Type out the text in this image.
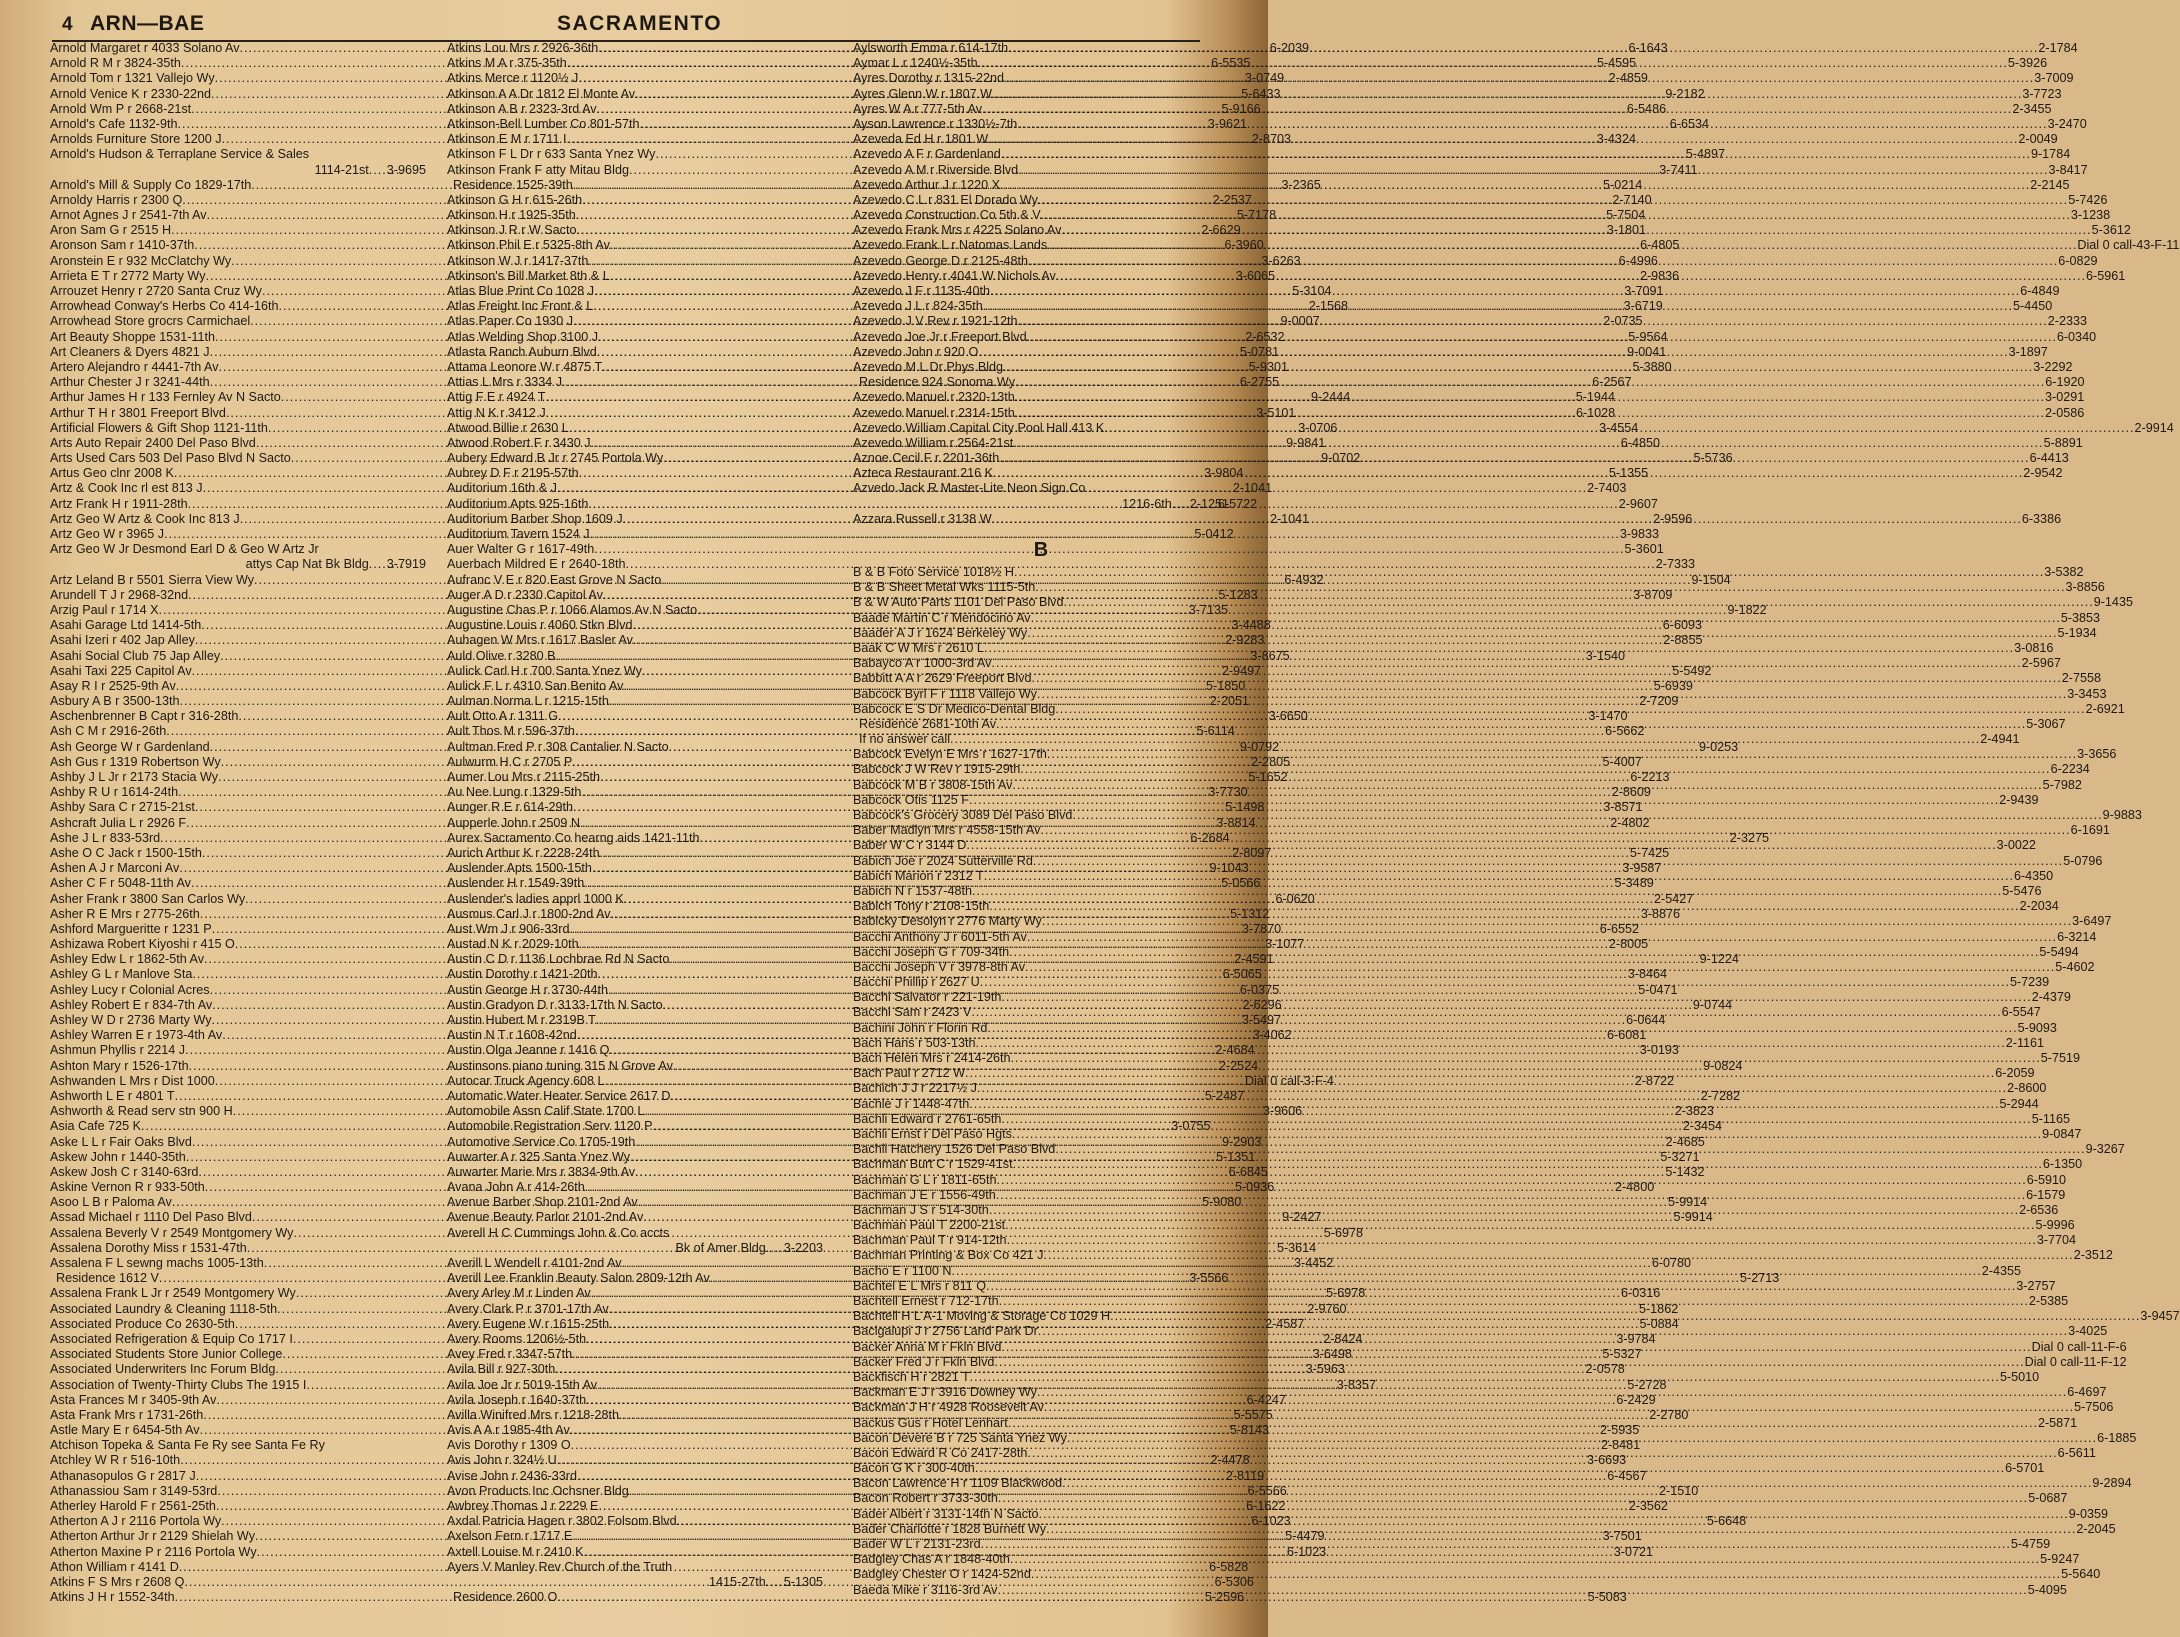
4 ARN—BAE	SACRAMENTO
Arnold Margaret r 4033 Solano Av .....	6-2039
Arnold R M r 3824-35th .....	6-5535
Arnold Tom r 1321 Vallejo Wy .....	3-0749
Arnold Venice K r 2330-22nd .....	5-6433
Arnold Wm P r 2668-21st .....	5-9166
Arnold's Cafe 1132-9th .....	3-9621
Arnolds Furniture Store 1200 J .....	2-8703
Arnold's Hudson & Terraplane Service & Sales
1114-21st ........ 3-9695
Arnold's Mill & Supply Co 1829-17th .....	3-2365
Arnoldy Harris r 2300 Q .....	2-2537
Arnot Agnes J r 2541-7th Av .....	5-7178
Aron Sam G r 2515 H .....	2-6629
Aronson Sam r 1410-37th .....	6-3960
Aronstein E r 932 McClatchy Wy .....	3-6263
Arrieta E T r 2772 Marty Wy .....	3-6065
Arrouzet Henry r 2720 Santa Cruz Wy .....	5-3104
Arrowhead Conway's Herbs Co 414-16th .....	2-1568
Arrowhead Store grocrs Carmichael .....	9-0007
Art Beauty Shoppe 1531-11th .....	2-6532
Art Cleaners & Dyers 4821 J .....	5-0781
Artero Alejandro r 4441-7th Av .....	5-9301
Arthur Chester J r 3241-44th .....	6-2755
Arthur James H r 133 Fernley Av N Sacto .....	9-2444
Arthur T H r 3801 Freeport Blvd .....	3-5101
Artificial Flowers & Gift Shop 1121-11th .....	3-0706
Arts Auto Repair 2400 Del Paso Blvd .....	9-9841
Arts Used Cars 503 Del Paso Blvd N Sacto .....	9-0702
Artus Geo clnr 2008 K .....	3-9804
Artz & Cook Inc rl est 813 J .....	2-1041
Artz Frank H r 1911-28th .....	6-5722
Artz Geo W Artz & Cook Inc 813 J .....	2-1041
Artz Geo W r 3965 J .....	5-0412
Artz Geo W Jr Desmond Earl D & Geo W Artz Jr
attys Cap Nat Bk Bldg ........ 3-7919
Artz Leland B r 5501 Sierra View Wy .....	6-4932
Arundell T J r 2968-32nd .....	5-1283
Arzig Paul r 1714 X .....	3-7135
Asahi Garage Ltd 1414-5th .....	3-4488
Asahi Izeri r 402 Jap Alley .....	2-9283
Asahi Social Club 75 Jap Alley .....	3-8675
Asahi Taxi 225 Capitol Av .....	2-9497
Asay R I r 2525-9th Av .....	5-1850
Asbury A B r 3500-13th .....	2-2051
Aschenbrenner B Capt r 316-28th .....	3-6650
Ash C M r 2916-26th .....	5-6114
Ash George W r Gardenland .....	9-0792
Ash Gus r 1319 Robertson Wy .....	2-2805
Ashby J L Jr r 2173 Stacia Wy .....	5-1652
Ashby R U r 1614-24th .....	3-7730
Ashby Sara C r 2715-21st .....	5-1498
Ashcraft Julia L r 2926 F .....	3-8814
Ashe J L r 833-53rd .....	6-2684
Ashe O C Jack r 1500-15th .....	2-8097
Ashen A J r Marconi Av .....	9-1043
Asher C F r 5048-11th Av .....	5-0566
Asher Frank r 3800 San Carlos Wy .....	6-0620
Asher R E Mrs r 2775-26th .....	5-1312
Ashford Margueritte r 1231 P .....	3-7870
Ashizawa Robert Kiyoshi r 415 O .....	3-1077
Ashley Edw L r 1862-5th Av .....	2-4591
Ashley G L r Manlove Sta .....	6-5065
Ashley Lucy r Colonial Acres .....	6-0375
Ashley Robert E r 834-7th Av .....	2-6296
Ashley W D r 2736 Marty Wy .....	3-5497
Ashley Warren E r 1973-4th Av .....	3-4062
Ashmun Phyllis r 2214 J .....	2-4684
Ashton Mary r 1526-17th .....	2-2524
Ashwanden L Mrs r Dist 1000 .....	Dial 0 call-3-F-4
Ashworth L E r 4801 T .....	5-2487
Ashworth & Read serv stn 900 H .....	3-9606
Asia Cafe 725 K .....	3-0755
Aske L L r Fair Oaks Blvd .....	9-2903
Askew John r 1440-35th .....	5-1351
Askew Josh C r 3140-63rd .....	6-6845
Askine Vernon R r 933-50th .....	5-0936
Asoo L B r Paloma Av .....	5-9080
Assad Michael r 1110 Del Paso Blvd .....	9-2427
Assalena Beverly V r 2549 Montgomery Wy .....	5-6978
Assalena Dorothy Miss r 1531-47th .....	5-3614
Assalena F L sewng machs 1005-13th .....	3-4452
Residence 1612 V .....	3-5566
Assalena Frank L Jr r 2549 Montgomery Wy .....	5-6978
Associated Laundry & Cleaning 1118-5th .....	2-9760
Associated Produce Co 2630-5th .....	2-4587
Associated Refrigeration & Equip Co 1717 I .....	2-8424
Associated Students Store Junior College .....	3-6498
Associated Underwriters Inc Forum Bldg .....	3-5963
Association of Twenty-Thirty Clubs The 1915 I .....	3-8357
Asta Frances M r 3405-9th Av .....	6-4247
Asta Frank Mrs r 1731-26th .....	5-5575
Astle Mary E r 6454-5th Av .....	5-8143
Atchison Topeka & Santa Fe Ry see Santa Fe Ry
Atchley W R r 516-10th .....	2-4478
Athanasopulos G r 2817 J .....	2-8119
Athanassiou Sam r 3149-53rd .....	6-5566
Atherley Harold F r 2561-25th .....	6-1622
Atherton A J r 2116 Portola Wy .....	6-1023
Atherton Arthur Jr r 2129 Shielah Wy .....	5-4479
Atherton Maxine P r 2116 Portola Wy .....	6-1023
Athon William r 4141 D .....	6-5828
Atkins F S Mrs r 2608 Q .....	6-5306
Atkins J H r 1552-34th .....	5-2596
Atkins Lou Mrs r 2926-36th .....	6-1643
Atkins M A r 375-35th .....	5-4595
Atkins Merce r 1120½ J .....	2-4859
Atkinson A A Dr 1812 El Monte Av .....	9-2182
Atkinson A B r 2323-3rd Av .....	6-5486
Atkinson-Bell Lumber Co 801-57th .....	6-6534
Atkinson E M r 1711 I .....	3-4324
Atkinson F L Dr r 633 Santa Ynez Wy .....	5-4897
Atkinson Frank F atty Mitau Bldg .....	3-7411
Residence 1525-39th .....	5-0214
Atkinson G H r 615-26th .....	2-7140
Atkinson H r 1925-35th .....	5-7504
Atkinson J R r W Sacto .....	3-1801
Atkinson Phil E r 5325-8th Av .....	6-4805
Atkinson W J r 1417-37th .....	6-4996
Atkinson's Bill Market 8th & L .....	2-9836
Atlas Blue Print Co 1028 J .....	3-7091
Atlas Freight Inc Front & L .....	3-6719
Atlas Paper Co 1930 J .....	2-0735
Atlas Welding Shop 3100 J .....	5-9564
Atlasta Ranch Auburn Blvd .....	9-0041
Attama Leonore W r 4875 T .....	5-3880
Attias L Mrs r 3334 J .....	6-2567
Attig F E r 4924 T .....	5-1944
Attig N K r 3412 J .....	6-1028
Atwood Billie r 2630 L .....	3-4554
Atwood Robert F r 3430 J .....	6-4850
Aubery Edward B Jr r 2745 Portola Wy .....	5-5736
Aubrey D F r 2195-57th .....	5-1355
Auditorium 16th & J .....	2-7403
Auditorium Apts 925-16th .....	2-9607
Auditorium Barber Shop 1609 J .....	2-9596
Auditorium Tavern 1524 J .....	3-9833
Auer Walter G r 1617-49th .....	5-3601
Auerbach Mildred E r 2640-18th .....	2-7333
Aufranc V E r 820 East Grove N Sacto .....	9-1504
Auger A D r 2330 Capitol Av .....	3-8709
Augustine Chas P r 1066 Alamos Av N Sacto .....	9-1822
Augustine Louis r 4060 Stkn Blvd .....	6-6093
Auhagen W Mrs r 1617 Basler Av .....	2-8855
Auld Olive r 3280 B .....	3-1540
Aulick Carl H r 700 Santa Ynez Wy .....	5-5492
Aulick F L r 4310 San Benito Av .....	5-6939
Aulman Norma L r 1215-15th .....	2-7209
Ault Otto A r 1311 G .....	3-1470
Ault Thos M r 596-37th .....	6-5662
Aultman Fred P r 308 Cantalier N Sacto .....	9-0253
Aulwurm H C r 2705 P .....	5-4007
Aumer Lou Mrs r 2115-25th .....	6-2213
Au Nee Lung r 1329-5th .....	2-8609
Aunger R E r 614-29th .....	3-8571
Aupperle John r 2509 N .....	2-4802
Aurex Sacramento Co hearng aids 1421-11th .....	2-3275
Aurich Arthur K r 2228-24th .....	5-7425
Auslender Apts 1500-15th .....	3-9587
Auslender H r 1549-39th .....	5-3489
Auslender's ladies apprl 1000 K .....	2-5427
Ausmus Carl J r 1800-2nd Av .....	3-8876
Aust Wm J r 906-33rd .....	6-6552
Austad N K r 2029-10th .....	2-8005
Austin C D r 1136 Lochbrae Rd N Sacto .....	9-1224
Austin Dorothy r 1421-20th .....	3-8464
Austin George H r 3730-44th .....	5-0471
Austin Gradyon D r 3133-17th N Sacto .....	9-0744
Austin Hubert M r 2319B T .....	6-0644
Austin N T r 1608-42nd .....	6-6081
Austin Olga Jeanne r 1416 Q .....	3-0193
Austinsons piano tuning 315 N Grove Av .....	9-0824
Autocar Truck Agency 608 L .....	2-8722
Automatic Water Heater Service 2617 D .....	2-7282
Automobile Assn Calif State 1700 L .....	2-3823
Automobile Registration Serv 1120 P .....	2-3454
Automotive Service Co 1705-19th .....	2-4685
Auwarter A r 325 Santa Ynez Wy .....	5-3271
Auwarter Marie Mrs r 3834-9th Av .....	5-1432
Avana John A r 414-26th .....	2-4800
Avenue Barber Shop 2101-2nd Av .....	5-9914
Avenue Beauty Parlor 2101-2nd Av .....	5-9914
Averell H C Cummings John & Co accts
Bk of Amer Bldg ........ 3-2203
Averill L Wendell r 4101-2nd Av .....	6-0780
Averill Lee Franklin Beauty Salon 2809-12th Av .....	5-2713
Avery Arley M r Linden Av .....	6-0316
Avery Clark P r 3701-17th Av .....	5-1862
Avery Eugene W r 1615-25th .....	5-0884
Avery Rooms 1206½-5th .....	3-9784
Avey Fred r 3347-57th .....	5-5327
Avila Bill r 927-30th .....	2-0578
Avila Joe Jr r 5019-15th Av .....	5-2728
Avila Joseph r 1640-37th .....	6-2429
Avilla Winifred Mrs r 1218-28th .....	2-2780
Avis A A r 1985-4th Av .....	2-5935
Avis Dorothy r 1309 O .....	2-8481
Avis John r 324½ U .....	3-6693
Avise John r 2436-33rd .....	6-4567
Avon Products Inc Ochsner Bldg .....	2-1510
Awbrey Thomas J r 2229 E .....	2-3562
Axdal Patricia Hagen r 3802 Folsom Blvd .....	5-6648
Axelson Fern r 1717 E .....	3-7501
Axtell Louise M r 2410 K .....	3-0721
Ayers V Manley Rev Church of the Truth
1415-27th ........ 5-1305
Residence 2600 O .....	5-5083
Aylsworth Emma r 614-17th .....	2-1784
Aymar L r 1240½-35th .....	5-3926
Ayres Dorothy r 1315-22nd .....	3-7009
Ayres Glenn W r 1807 W .....	3-7723
Ayres W A r 777-5th Av .....	2-3455
Ayson Lawrence r 1330½-7th .....	3-2470
Azeveda Ed H r 1801 W .....	2-0049
Azevedo A F r Gardenland .....	9-1784
Azevedo A M r Riverside Blvd .....	3-8417
Azevedo Arthur J r 1220 X .....	2-2145
Azevedo C L r 831 El Dorado Wy .....	5-7426
Azevedo Construction Co 5th & V .....	3-1238
Azevedo Frank Mrs r 4225 Solano Av .....	5-3612
Azevedo Frank L r Natomas Lands .....	Dial 0 call-43-F-11
Azevedo George D r 2125-48th .....	6-0829
Azevedo Henry r 4041 W Nichols Av .....	6-5961
Azevedo J F r 1135-40th .....	6-4849
Azevedo J L r 824-35th .....	5-4450
Azevedo J V Rev r 1921-12th .....	2-2333
Azevedo Joe Jr r Freeport Blvd .....	6-0340
Azevedo John r 920 O .....	3-1897
Azevedo M L Dr Phys Bldg .....	3-2292
Residence 924 Sonoma Wy .....	6-1920
Azevedo Manuel r 2320-13th .....	3-0291
Azevedo Manuel r 2314-15th .....	2-0586
Azevedo William Capital City Pool Hall 413 K .....	2-9914
Azevedo William r 2564-21st .....	5-8891
Aznoe Cecil F r 2201-36th .....	6-4413
Azteca Restaurant 216 K .....	2-9542
Azvedo Jack R Master-Lite Neon Sign Co
1216-6th ........ 2-1251
Azzara Russell r 3138 W .....	6-3386
B
B & B Foto Service 1018½ H .....	3-5382
B & B Sheet Metal Wks 1115-5th .....	3-8856
B & W Auto Parts 1101 Del Paso Blvd .....	9-1435
Baade Martin C r Mendocino Av .....	5-3853
Baader A J r 1624 Berkeley Wy .....	5-1934
Baak C W Mrs r 2610 L .....	3-0816
Babayco A r 1000-3rd Av .....	2-5967
Babbitt A A r 2629 Freeport Blvd .....	2-7558
Babcock Byrl F r 1118 Vallejo Wy .....	3-3453
Babcock E S Dr Medico-Dental Bldg .....	2-6921
Residence 2681-10th Av .....	5-3067
If no answer call .....	2-4941
Babcock Evelyn E Mrs r 1627-17th .....	3-3656
Babcock J W Rev r 1915-29th .....	6-2234
Babcock M B r 3808-15th Av .....	5-7982
Babcock Otis 1125 F .....	2-9439
Babcock's Grocery 3089 Del Paso Blvd .....	9-9883
Baber Madlyn Mrs r 4558-15th Av .....	6-1691
Baber W C r 3144 D .....	3-0022
Babich Joe r 2024 Sutterville Rd .....	5-0796
Babich Marion r 2312 T .....	6-4350
Babich N r 1537-48th .....	5-5476
Babich Tony r 2108-15th .....	2-2034
Babicky Desolyn r 2776 Marty Wy .....	3-6497
Bacchi Anthony J r 6011-5th Av .....	6-3214
Bacchi Joseph G r 709-34th .....	5-5494
Bacchi Joseph V r 3978-8th Av .....	5-4602
Bacchi Phillip r 2627 U .....	5-7239
Bacchi Salvator r 221-19th .....	2-4379
Bacchi Sam r 2423 V .....	6-5547
Bachini John r Florin Rd .....	5-9093
Bach Hans r 503-13th .....	2-1161
Bach Helen Mrs r 2414-26th .....	5-7519
Bach Paul r 2712 W .....	6-2059
Bachich J J r 2217½ J .....	2-8600
Bachle J r 1448-47th .....	5-2944
Bachli Edward r 2761-65th .....	5-1165
Bachli Ernst r Del Paso Hgts .....	9-0847
Bachli Hatchery 1526 Del Paso Blvd .....	9-3267
Bachman Burt C r 1529-41st .....	6-1350
Bachman G L r 1811-65th .....	6-5910
Bachman J E r 1556-49th .....	6-1579
Bachman J S r 514-30th .....	2-6536
Bachman Paul T 2200-21st .....	5-9996
Bachman Paul T r 914-12th .....	3-7704
Bachman Printing & Box Co 421 J .....	2-3512
Bacho E r 1100 N .....	2-4355
Bachtel E L Mrs r 811 Q .....	3-2757
Bachtell Ernest r 712-17th .....	2-5385
Bachtell H L A-1 Moving & Storage Co 1029 H .....	3-9457
Bacigalupi J r 2756 Land Park Dr .....	3-4025
Backer Anna M r Fkln Blvd .....	Dial 0 call-11-F-6
Backer Fred J r Fkln Blvd .....	Dial 0 call-11-F-12
Backfisch H r 2821 T .....	5-5010
Backman E J r 3916 Downey Wy .....	6-4697
Backman J H r 4928 Roosevelt Av .....	5-7506
Backus Gus r Hotel Lenhart .....	2-5871
Bacon Devere B r 725 Santa Ynez Wy .....	6-1885
Bacon Edward R Co 2417-28th .....	6-5611
Bacon G K r 300-40th .....	6-5701
Bacon Lawrence H r 1109 Blackwood .....	9-2894
Bacon Robert r 3733-30th .....	5-0687
Bader Albert r 3131-14th N Sacto .....	9-0359
Bader Charlotte r 1828 Burnett Wy .....	2-2045
Bader W L r 2131-23rd .....	5-4759
Badgley Chas A r 1848-40th .....	5-9247
Badgley Chester O r 1424-52nd .....	5-5640
Baeda Mike r 3116-3rd Av .....	5-4095
